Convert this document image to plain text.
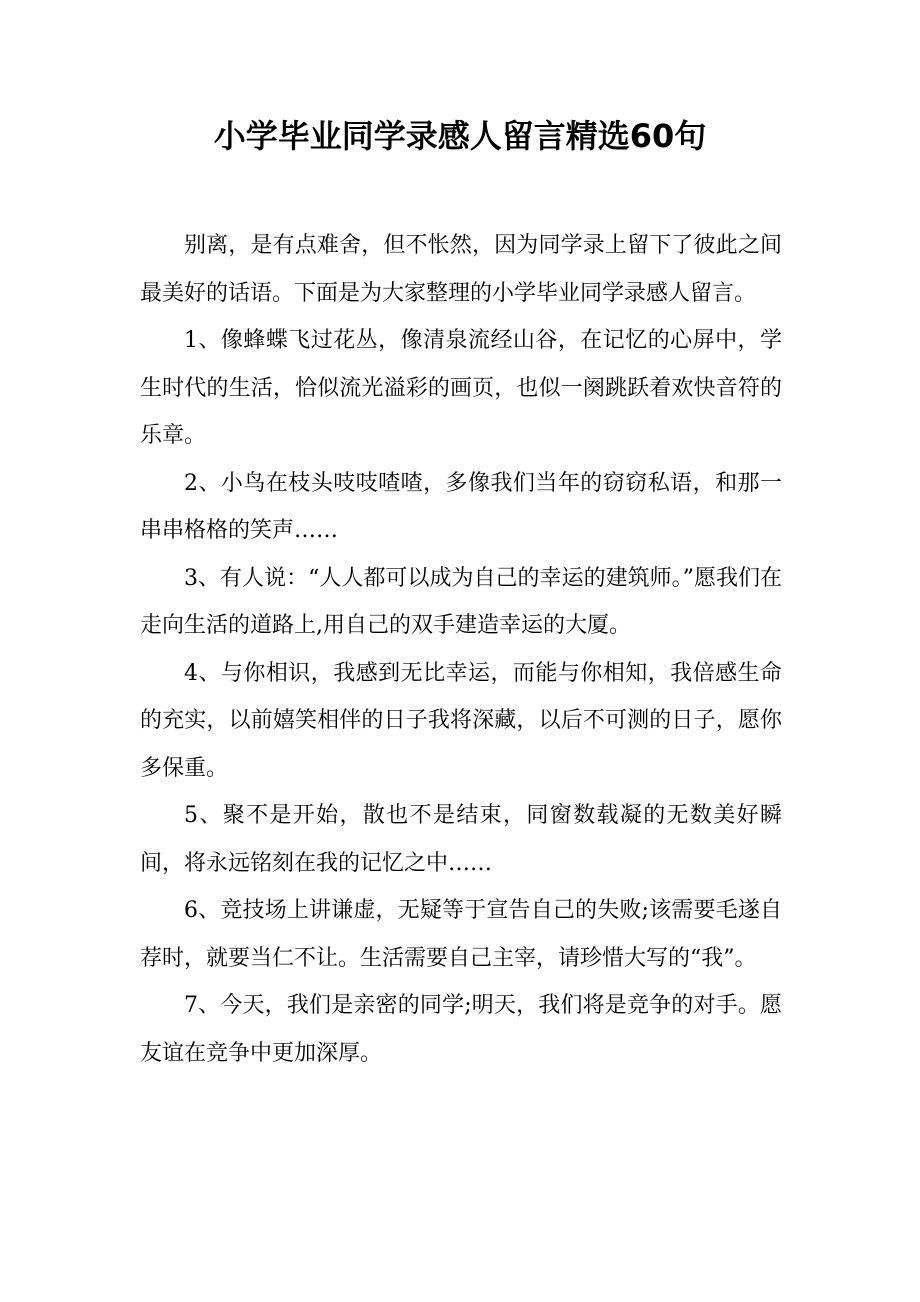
小学毕业同学录感人留言精选60句

别离，是有点难舍，但不怅然，因为同学录上留下了彼此之间最美好的话语。下面是为大家整理的小学毕业同学录感人留言。

1、像蜂蝶飞过花丛，像清泉流经山谷，在记忆的心屏中，学生时代的生活，恰似流光溢彩的画页，也似一阕跳跃着欢快音符的乐章。

2、小鸟在枝头吱吱喳喳，多像我们当年的窃窃私语，和那一串串格格的笑声……

3、有人说：“人人都可以成为自己的幸运的建筑师。”愿我们在走向生活的道路上,用自己的双手建造幸运的大厦。

4、与你相识，我感到无比幸运，而能与你相知，我倍感生命的充实，以前嬉笑相伴的日子我将深藏，以后不可测的日子，愿你多保重。

5、聚不是开始，散也不是结束，同窗数载凝的无数美好瞬间，将永远铭刻在我的记忆之中……

6、竞技场上讲谦虚，无疑等于宣告自己的失败;该需要毛遂自荐时，就要当仁不让。生活需要自己主宰，请珍惜大写的“我”。

7、今天，我们是亲密的同学;明天，我们将是竞争的对手。愿友谊在竞争中更加深厚。
